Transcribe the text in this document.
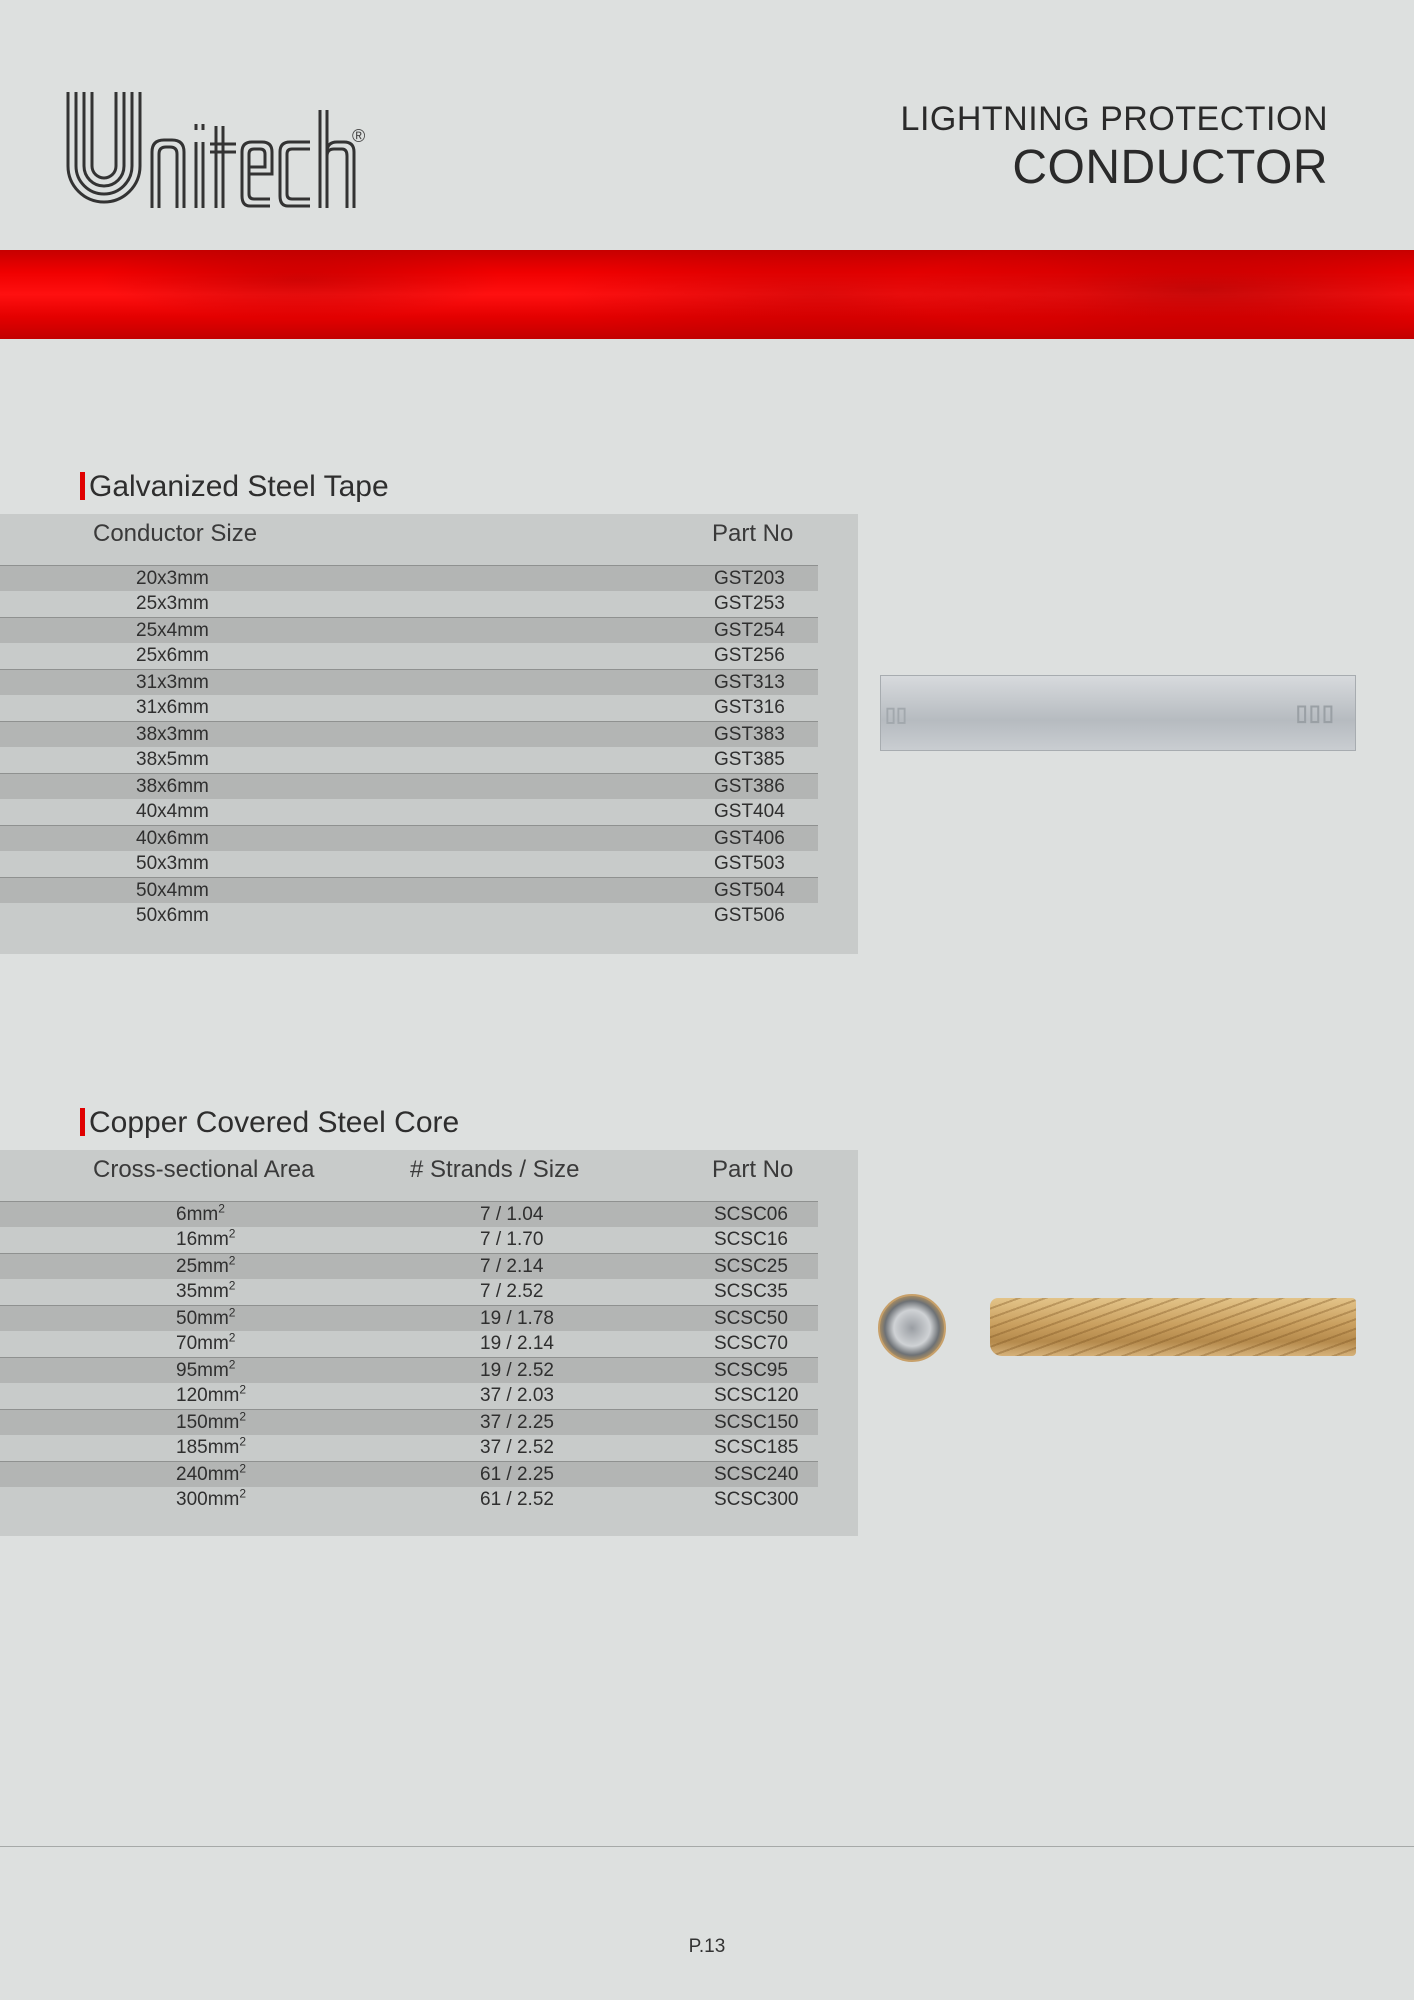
®	LIGHTNING PROTECTION
CONDUCTOR
Galvanized Steel Tape
Conductor Size	Part No
20x3mm	GST203
25x3mm	GST253
25x4mm	GST254
25x6mm	GST256
31x3mm	GST313
31x6mm	GST316
38x3mm	GST383
38x5mm	GST385
38x6mm	GST386
40x4mm	GST404
40x6mm	GST406
50x3mm	GST503
50x4mm	GST504
50x6mm	GST506
▯▯	▯▯▯
Copper Covered Steel Core
Cross-sectional Area	# Strands / Size	Part No
$6mm^2$	7 / 1.04	SCSC06
$16mm^2$	7 / 1.70	SCSC16
$25mm^2$	7 / 2.14	SCSC25
$35mm^2$	7 / 2.52	SCSC35
$50mm^2$	19 / 1.78	SCSC50
$70mm^2$	19 / 2.14	SCSC70
$95mm^2$	19 / 2.52	SCSC95
$120mm^2$	37 / 2.03	SCSC120
$150mm^2$	37 / 2.25	SCSC150
$185mm^2$	37 / 2.52	SCSC185
$240mm^2$	61 / 2.25	SCSC240
$300mm^2$	61 / 2.52	SCSC300
P.13
